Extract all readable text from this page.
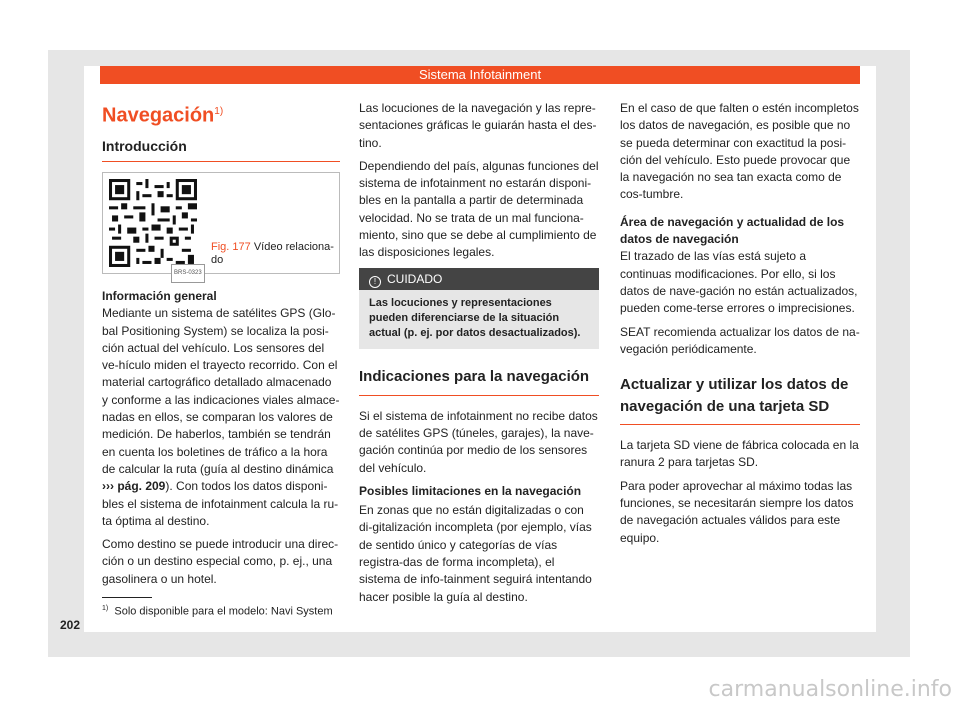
Sistema Infotainment
Navegación$^{1)}$
Introducción
BRS-0323
Fig. 177 Vídeo relaciona-do
Información general

Mediante un sistema de satélites GPS (Glo-bal Positioning System) se localiza la posi-ción actual del vehículo. Los sensores del ve-hículo miden el trayecto recorrido. Con el material cartográfico detallado almacenado y conforme a las indicaciones viales almace-nadas en ellos, se comparan los valores de medición. De haberlos, también se tendrán en cuenta los boletines de tráfico a la hora de calcular la ruta (guía al destino dinámica ››› pág. 209). Con todos los datos disponi-bles el sistema de infotainment calcula la ru-ta óptima al destino.

Como destino se puede introducir una direc-ción o un destino especial como, p. ej., una gasolinera o un hotel.

Las locuciones de la navegación y las repre-sentaciones gráficas le guiarán hasta el des-tino.

Dependiendo del país, algunas funciones del sistema de infotainment no estarán disponi-bles en la pantalla a partir de determinada velocidad. No se trata de un mal funciona-miento, sino que se debe al cumplimiento de las disposiciones legales.

! CUIDADO
Las locuciones y representaciones pueden diferenciarse de la situación actual (p. ej. por datos desactualizados).
Indicaciones para la navegación

Si el sistema de infotainment no recibe datos de satélites GPS (túneles, garajes), la nave-gación continúa por medio de los sensores del vehículo.

Posibles limitaciones en la navegación

En zonas que no están digitalizadas o con di-gitalización incompleta (por ejemplo, vías de sentido único y categorías de vías registra-das de forma incompleta), el sistema de info-tainment seguirá intentando hacer posible la guía al destino.

En el caso de que falten o estén incompletos los datos de navegación, es posible que no se pueda determinar con exactitud la posi-ción del vehículo. Esto puede provocar que la navegación no sea tan exacta como de cos-tumbre.

Área de navegación y actualidad de los datos de navegación

El trazado de las vías está sujeto a continuas modificaciones. Por ello, si los datos de nave-gación no están actualizados, pueden come-terse errores o imprecisiones.

SEAT recomienda actualizar los datos de na-vegación periódicamente.

Actualizar y utilizar los datos de navegación de una tarjeta SD

La tarjeta SD viene de fábrica colocada en la ranura 2 para tarjetas SD.

Para poder aprovechar al máximo todas las funciones, se necesitarán siempre los datos de navegación actuales válidos para este equipo.

$^{1)}$ Solo disponible para el modelo: Navi System
202
carmanualsonline.info
